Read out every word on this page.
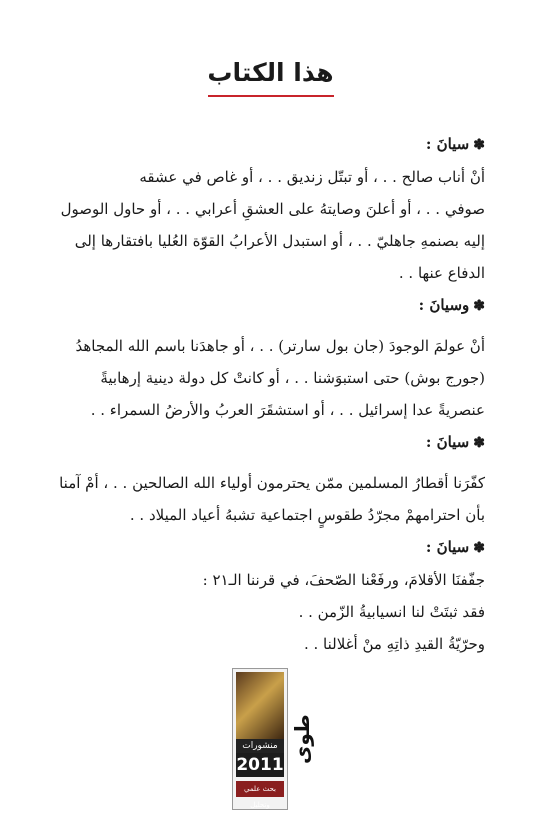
هذا الكتاب

✽سيانَ :

أنْ أناب صالح . . ، أو تبتّل زنديق . . ، أو غاص في عشقه

صوفي . . ، أو أعلنَ وصايتهُ على العشقِ أعرابي . . ، أو حاول الوصول

إليه بصنمهِ جاهليّ . . ، أو استبدل الأعرابُ القوّة العُليا بافتقارها إلى

الدفاع عنها . .

✽وسيانَ :

أنْ عولمَ الوجودَ (جان بول سارتر) . . ، أو جاهدَنا باسم الله المجاهدُ

(جورج بوش) حتى استبوَشنا . . ، أو كانتْ كل دولة دينية إرهابيةً

عنصريةً عدا إسرائيل . . ، أو استشقَرَ العربُ والأرضُ السمراء . .

✽سيانَ :

كفّرَنا أقطارُ المسلمين ممّن يحترمون أولياء الله الصالحين . . ، أمْ آمنا

بأن احترامهمْ مجرّدُ طقوسٍ اجتماعية تشبهُ أعياد الميلاد . .

✽سيانَ :

جفّفنَا الأقلامَ، ورفَعْنا الصّحفَ، في قرننا الـ٢١ :

فقد ثبتَتْ لنا انسيابيةُ الزّمن . .

وحرّيّةُ القيدِ ذاتِهِ منْ أغلالنا . .

منشورات
2011
بحث علمي وتحليل
طوى
